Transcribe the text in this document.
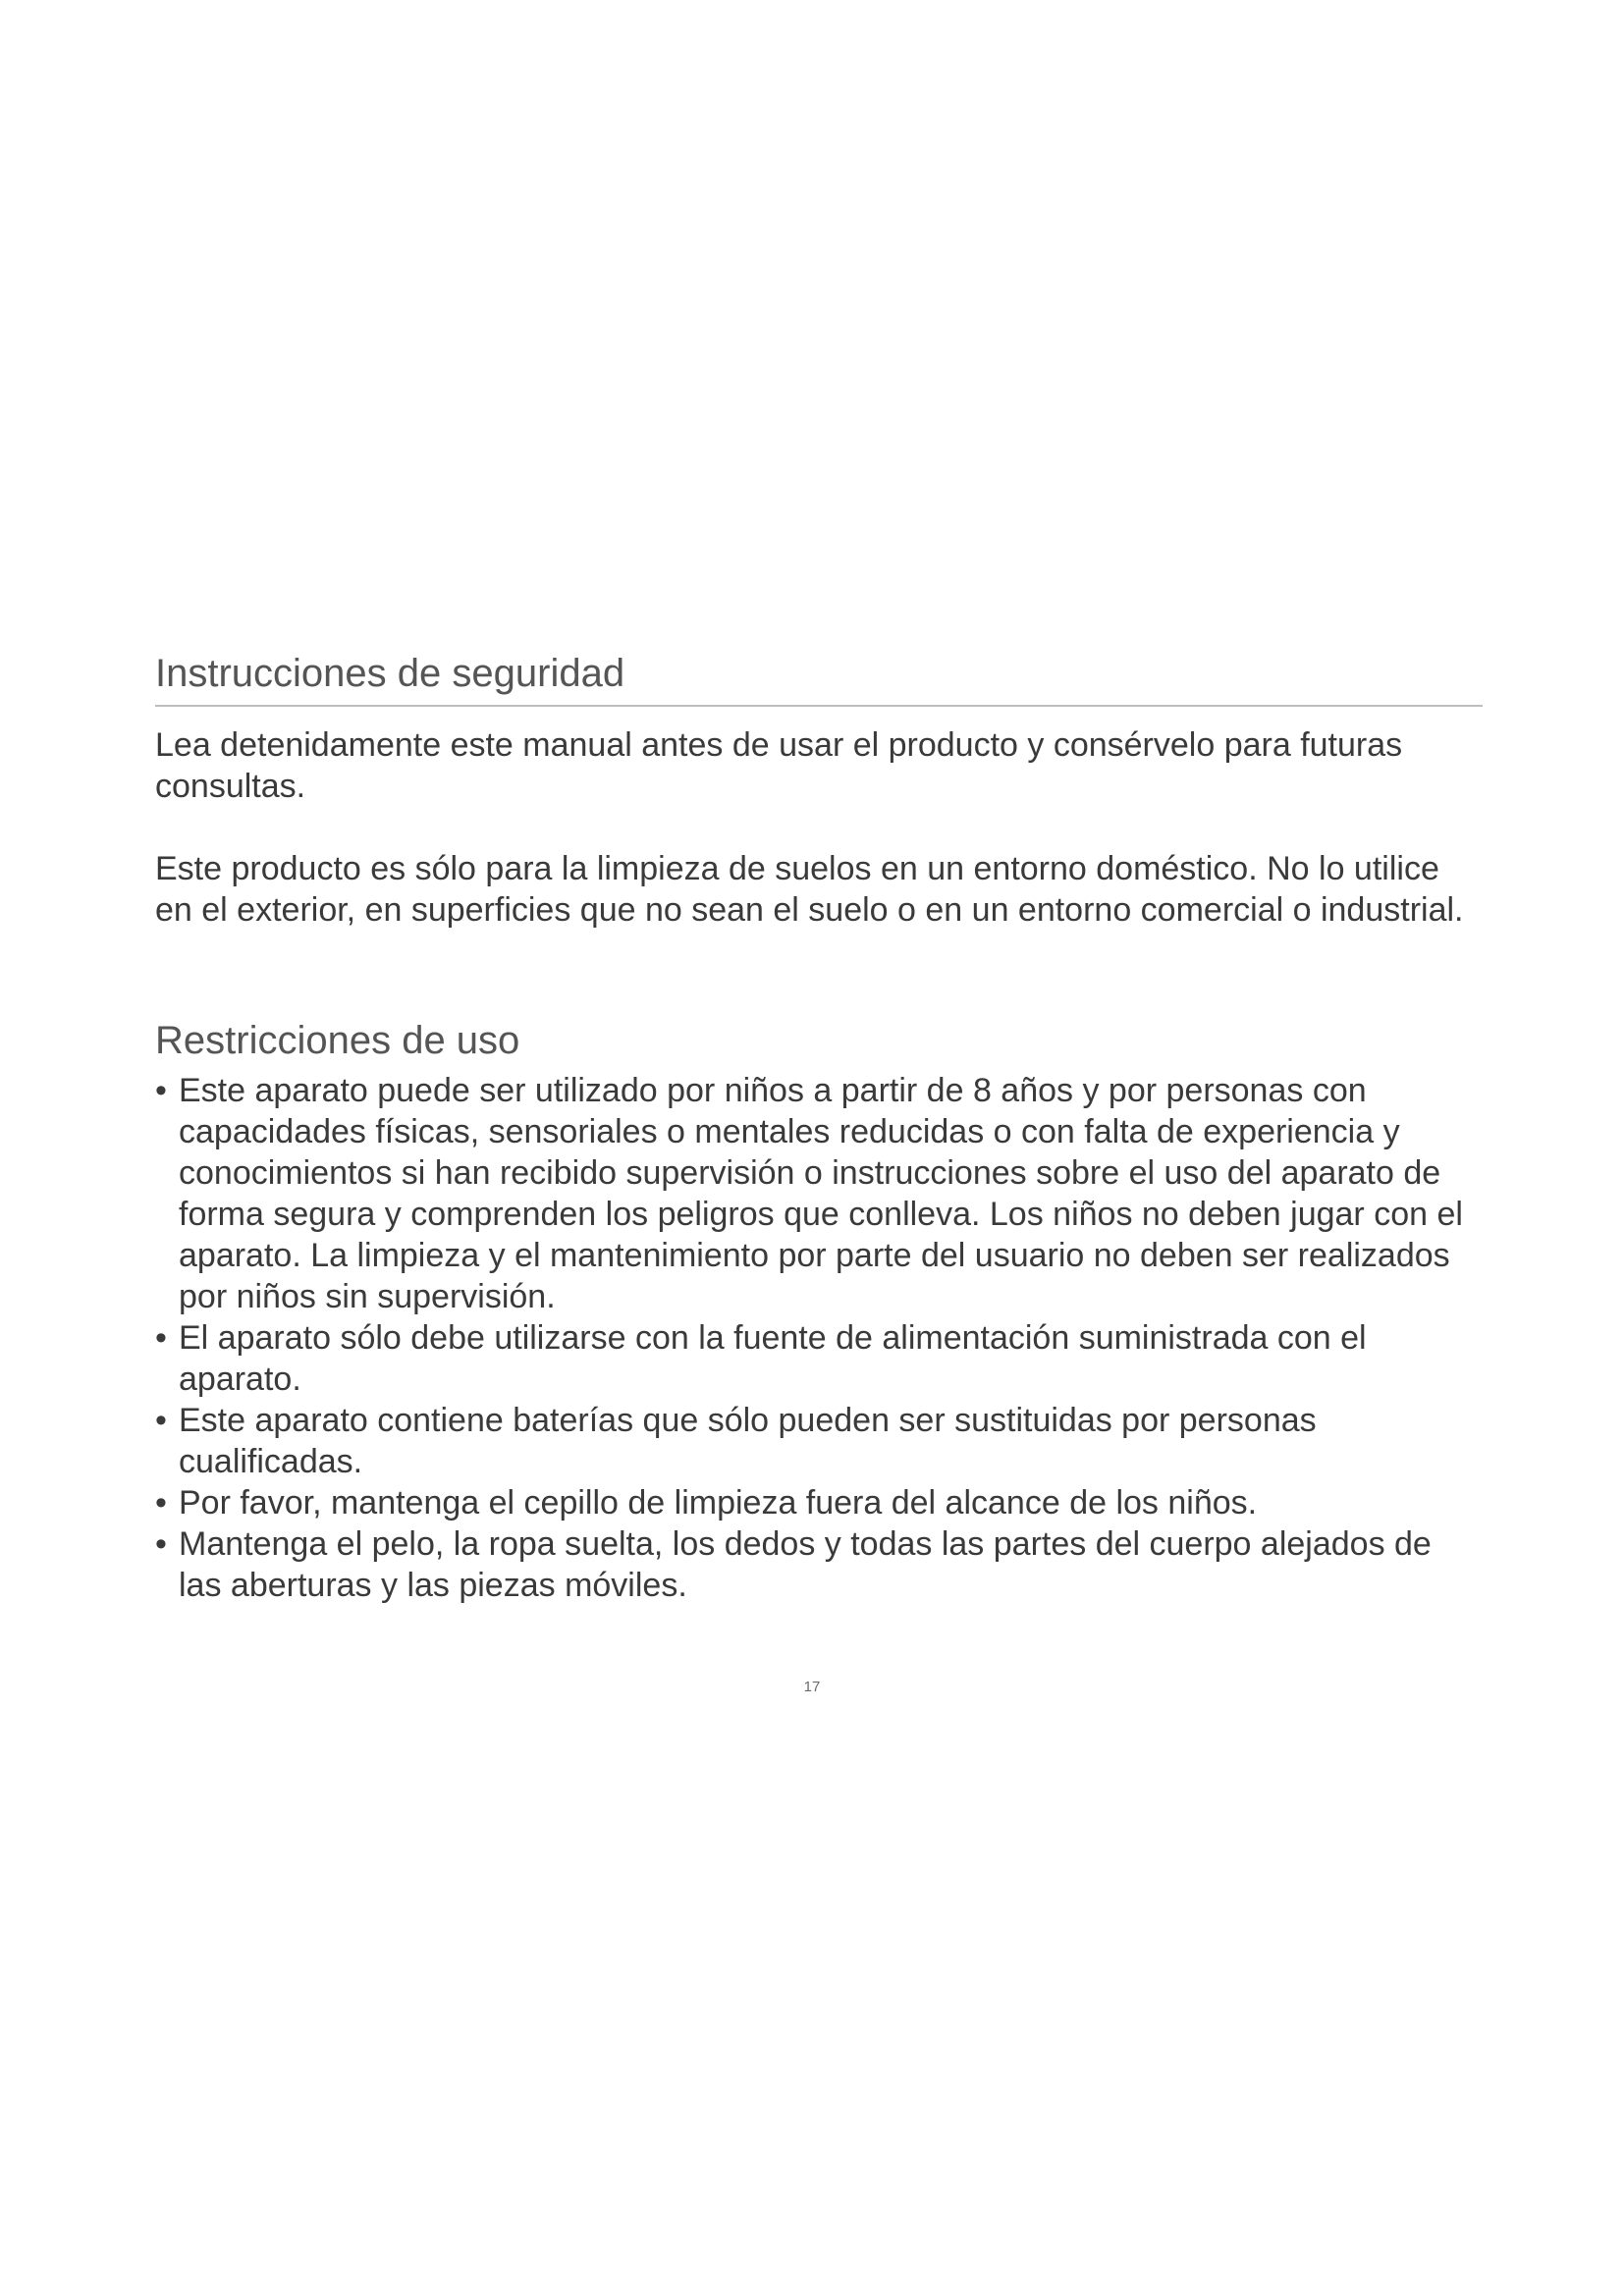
Instrucciones de seguridad

Lea detenidamente este manual antes de usar el producto y consérvelo para futuras consultas.

Este producto es sólo para la limpieza de suelos en un entorno doméstico. No lo utilice en el exterior, en superficies que no sean el suelo o en un entorno comercial o industrial.

Restricciones de uso
• Este aparato puede ser utilizado por niños a partir de 8 años y por personas con capacidades físicas, sensoriales o mentales reducidas o con falta de experiencia y conocimientos si han recibido supervisión o instrucciones sobre el uso del aparato de forma segura y comprenden los peligros que conlleva. Los niños no deben jugar con el aparato. La limpieza y el mantenimiento por parte del usuario no deben ser realizados por niños sin supervisión.
• El aparato sólo debe utilizarse con la fuente de alimentación suministrada con el aparato.
• Este aparato contiene baterías que sólo pueden ser sustituidas por personas cualificadas.
• Por favor, mantenga el cepillo de limpieza fuera del alcance de los niños.
• Mantenga el pelo, la ropa suelta, los dedos y todas las partes del cuerpo alejados de las aberturas y las piezas móviles.
17
